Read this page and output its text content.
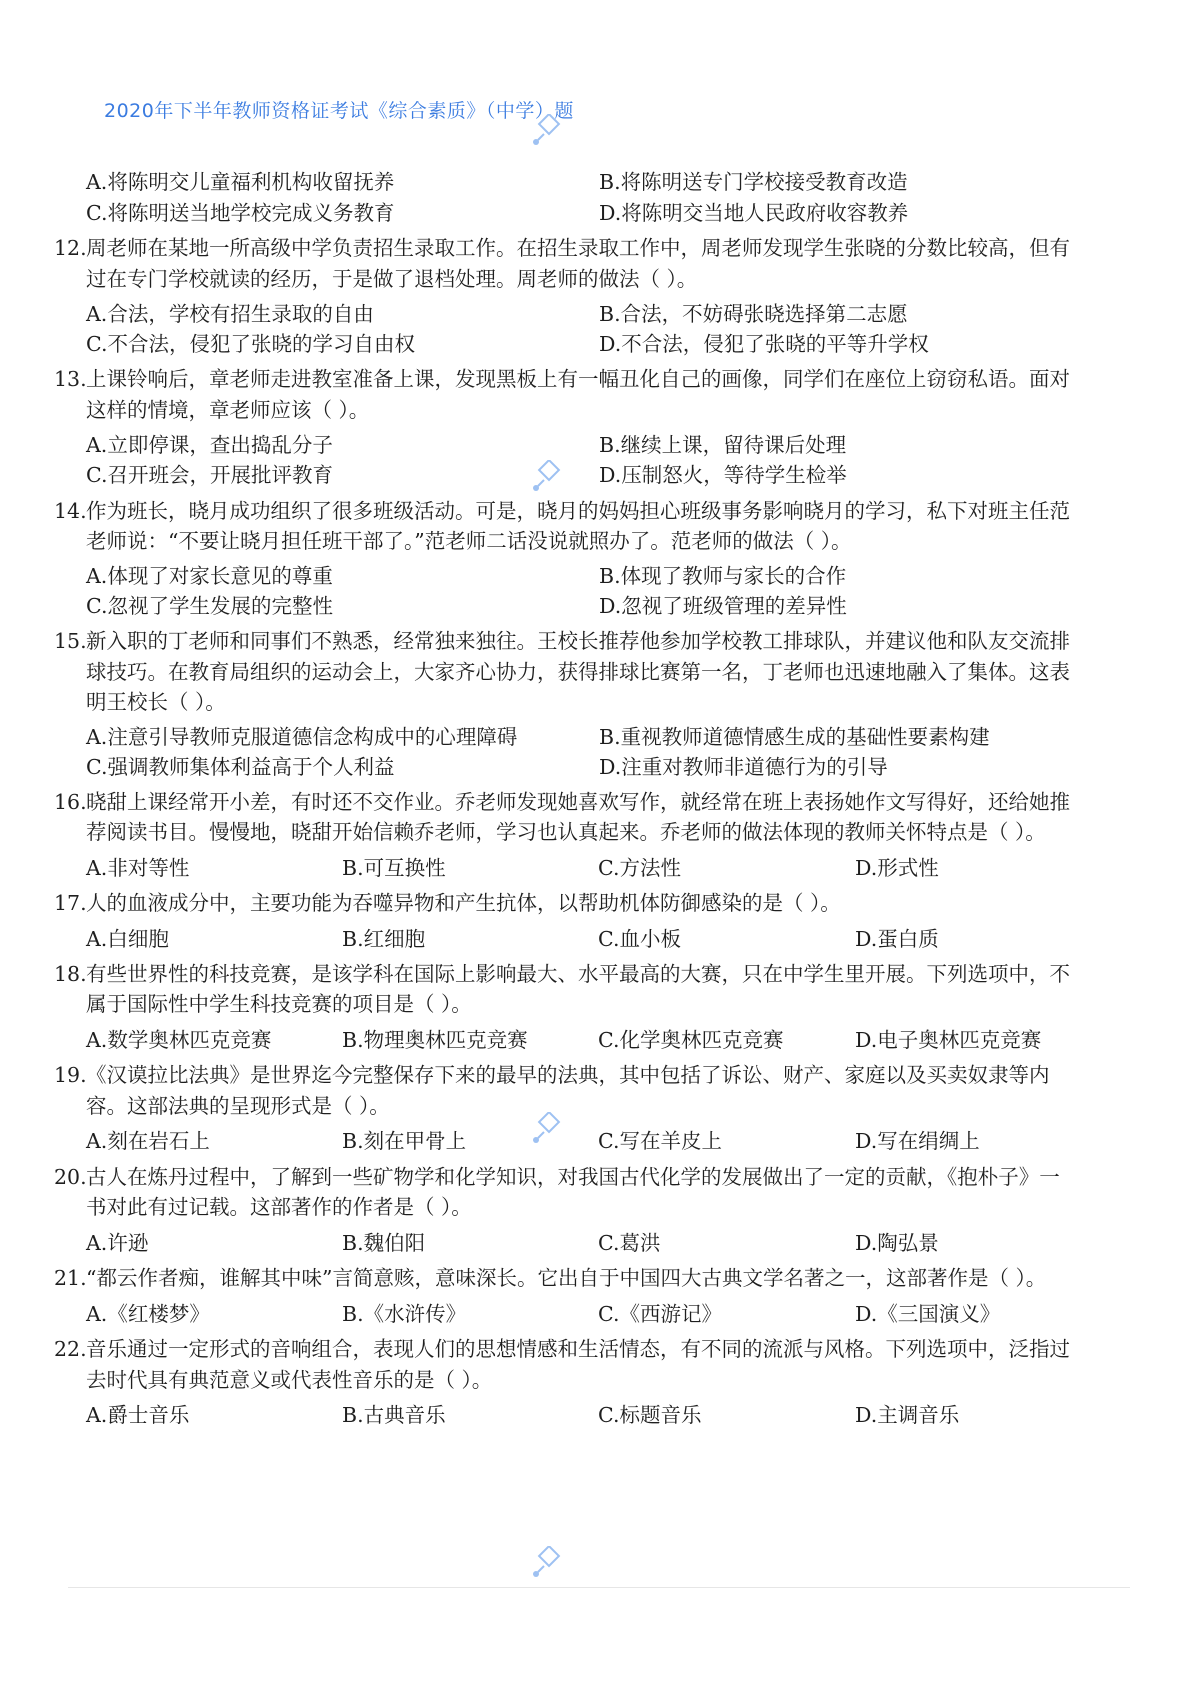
2020年下半年教师资格证考试《综合素质》（中学）题
A.将陈明交儿童福利机构收留抚养	B.将陈明送专门学校接受教育改造
C.将陈明送当地学校完成义务教育	D.将陈明交当地人民政府收容教养
12. 周老师在某地一所高级中学负责招生录取工作。在招生录取工作中，周老师发现学生张晓的分数比较高，但有
过在专门学校就读的经历，于是做了退档处理。周老师的做法（ ）。
A.合法，学校有招生录取的自由	B.合法，不妨碍张晓选择第二志愿
C.不合法，侵犯了张晓的学习自由权	D.不合法，侵犯了张晓的平等升学权
13. 上课铃响后，章老师走进教室准备上课，发现黑板上有一幅丑化自己的画像，同学们在座位上窃窃私语。面对
这样的情境，章老师应该（ ）。
A.立即停课，查出捣乱分子	B.继续上课，留待课后处理
C.召开班会，开展批评教育	D.压制怒火，等待学生检举
14. 作为班长，晓月成功组织了很多班级活动。可是，晓月的妈妈担心班级事务影响晓月的学习，私下对班主任范
老师说：“不要让晓月担任班干部了。”范老师二话没说就照办了。范老师的做法（ ）。
A.体现了对家长意见的尊重	B.体现了教师与家长的合作
C.忽视了学生发展的完整性	D.忽视了班级管理的差异性
15. 新入职的丁老师和同事们不熟悉，经常独来独往。王校长推荐他参加学校教工排球队，并建议他和队友交流排
球技巧。在教育局组织的运动会上，大家齐心协力，获得排球比赛第一名，丁老师也迅速地融入了集体。这表
明王校长（ ）。
A.注意引导教师克服道德信念构成中的心理障碍	B.重视教师道德情感生成的基础性要素构建
C.强调教师集体利益高于个人利益	D.注重对教师非道德行为的引导
16. 晓甜上课经常开小差，有时还不交作业。乔老师发现她喜欢写作，就经常在班上表扬她作文写得好，还给她推
荐阅读书目。慢慢地，晓甜开始信赖乔老师，学习也认真起来。乔老师的做法体现的教师关怀特点是（ ）。
A.非对等性	B.可互换性	C.方法性	D.形式性
17. 人的血液成分中，主要功能为吞噬异物和产生抗体，以帮助机体防御感染的是（ ）。
A.白细胞	B.红细胞	C.血小板	D.蛋白质
18. 有些世界性的科技竞赛，是该学科在国际上影响最大、水平最高的大赛，只在中学生里开展。下列选项中，不
属于国际性中学生科技竞赛的项目是（ ）。
A.数学奥林匹克竞赛	B.物理奥林匹克竞赛	C.化学奥林匹克竞赛	D.电子奥林匹克竞赛
19. 《汉谟拉比法典》是世界迄今完整保存下来的最早的法典，其中包括了诉讼、财产、家庭以及买卖奴隶等内
容。这部法典的呈现形式是（ ）。
A.刻在岩石上	B.刻在甲骨上	C.写在羊皮上	D.写在绢绸上
20. 古人在炼丹过程中，了解到一些矿物学和化学知识，对我国古代化学的发展做出了一定的贡献，《抱朴子》一
书对此有过记载。这部著作的作者是（ ）。
A.许逊	B.魏伯阳	C.葛洪	D.陶弘景
21. “都云作者痴，谁解其中味”言简意赅，意味深长。它出自于中国四大古典文学名著之一，这部著作是（ ）。
A.《红楼梦》	B.《水浒传》	C.《西游记》	D.《三国演义》
22. 音乐通过一定形式的音响组合，表现人们的思想情感和生活情态，有不同的流派与风格。下列选项中，泛指过
去时代具有典范意义或代表性音乐的是（ ）。
A.爵士音乐	B.古典音乐	C.标题音乐	D.主调音乐
